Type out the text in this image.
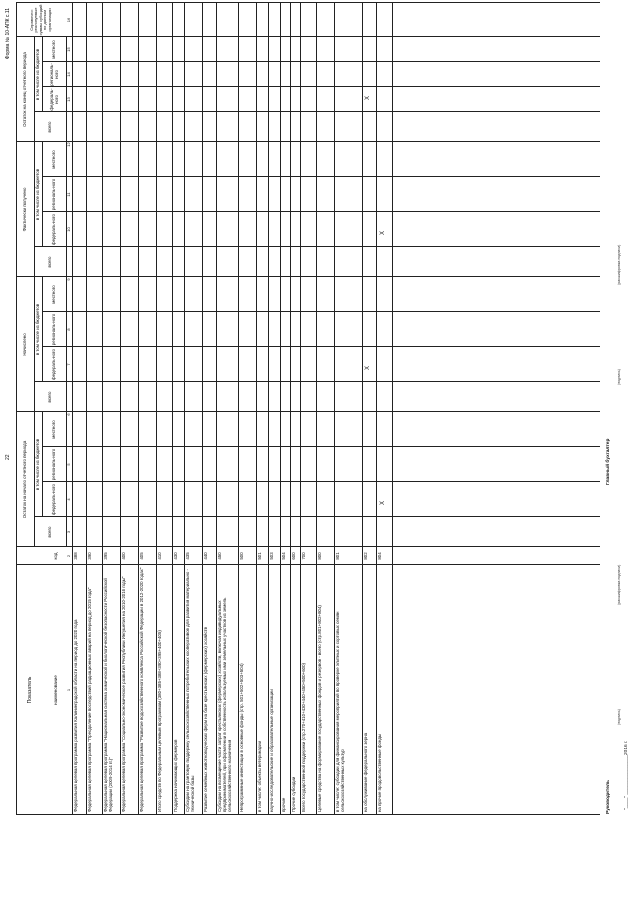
Форма № 10-АПК с.11
22
Показатель	наименование
код
Остаток на начало отчетного периода
Начислено
Фактически получено
Остаток на конец отчетного периода
Справочно: реализуемые суммы субсидий по данным организации
всего
в том числе из бюджетов
федераль-ного
региональ-ного
местного
всего
в том числе из бюджетов
федераль-ного
региональ-ного
местного
всего
в том числе из бюджетов
федераль-ного
региональ-ного
местного
всего
в том числе из бюджетов	федераль-ного
региональ-ного
местного
1
2
3
4
5
6
7
8
9
10
11
12
13
14
15
16
Федеральная целевая программа развития Калининградской области на период до 2020 года
388
Федеральная целевая программа "Преодоление последствий радиационных аварий на период до 2015 года"
390
Федеральная целевая программа "Национальная система химической и биологической безопасности Российской Федерации (2009-2014 гг.)"
395
Федеральная целевая программа "Социально-экономическое развития Республики Ингушетия на 2010-2016 годы"
400
Федеральная целевая программа "Развитие водохозяйственного комплекса Российской Федерации в 2012-2020 годах"
405
Итого средств по Федеральным целевым программам (380+385+388+390+395+400+405)
410
Поддержка начинающих фермеров
430
Субсидии на грантовую поддержку сельскохозяйственных потребительских кооперативов для развития материально - технической базы
435
Развитие семейных животноводческих ферм на базе крестьянских (фермерских) хозяйств
440
Субсидии на возмещение части затрат крестьянских (фермерских) хозяйств, включая индивидуальных предпринимателей, при оформлении в собственность используемых ими земельных участков из земель сельскохозяйственного назначения
450
Непрограммные инвестиции в основные фонды (стр. 501+502+503+504)
500
в том числе: объекты ветеринарии
501
научно-исследовательские и образовательные организации
503
прочие
504
Прочие субсидии
600
Всего государственной поддержки (стр.270+410+430+440+450+500+600)
700
Целевые средства на формирование государственных фондов и резервов - всего (стр.801+802+804)
800
в том числе: субсидии для финансирования мероприятий по проверке элитных и сортовых семян сельскохозяйственных культур
801
на обслуживание федерального зерна
802
на прочие продовольственные фонды
804
X
X
X
X
Руководитель
(подпись)
(расшифровка подписи)
"____" _______________
2016 г.
Главный бухгалтер
(подпись)
(расшифровка подписи)
